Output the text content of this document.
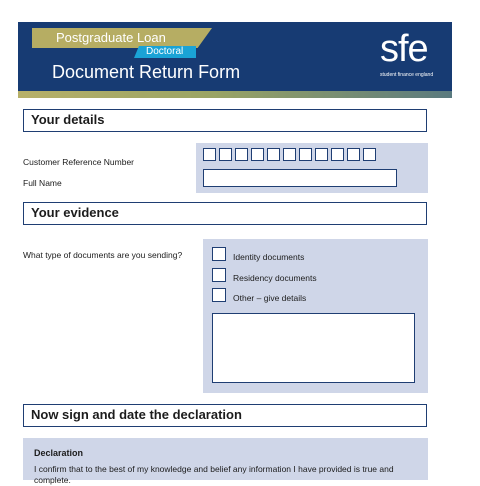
Postgraduate Loan
Doctoral
Document Return Form
sfe
student finance england
Your details
Customer Reference Number
Full Name
Your evidence
What type of documents are you sending?	Identity documents
Residency documents
Other – give details
Now sign and date the declaration
Declaration
I confirm that to the best of my knowledge and belief any information I have provided is true and complete.
